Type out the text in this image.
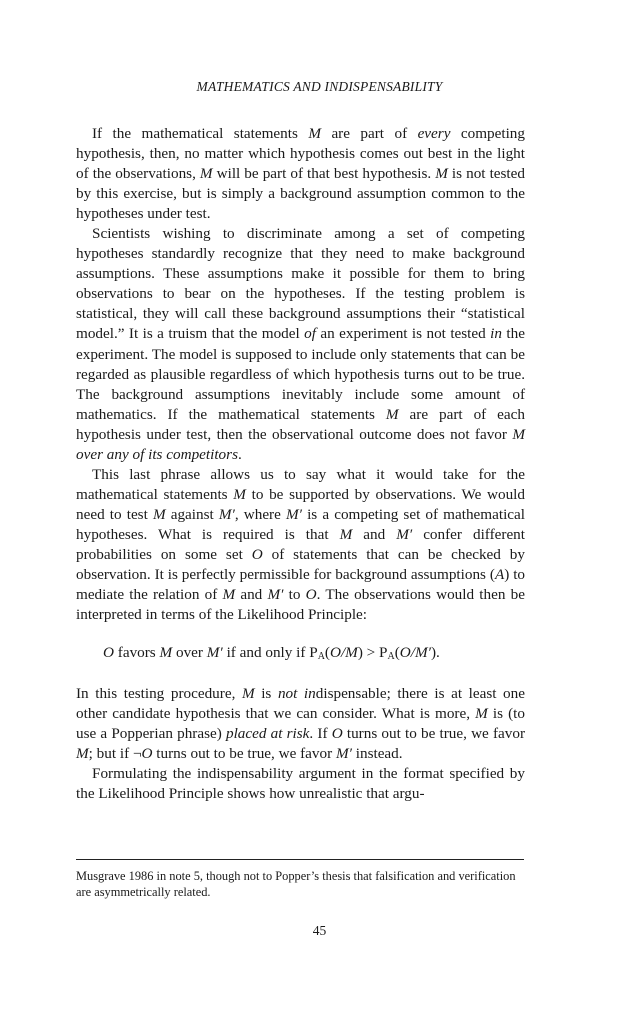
MATHEMATICS AND INDISPENSABILITY

If the mathematical statements M are part of every competing hypothesis, then, no matter which hypothesis comes out best in the light of the observations, M will be part of that best hypothesis. M is not tested by this exercise, but is simply a background assumption common to the hypotheses under test.

Scientists wishing to discriminate among a set of competing hypotheses standardly recognize that they need to make background assumptions. These assumptions make it possible for them to bring observations to bear on the hypotheses. If the testing problem is statistical, they will call these background assumptions their “statistical model.” It is a truism that the model of an experiment is not tested in the experiment. The model is supposed to include only statements that can be regarded as plausible regardless of which hypothesis turns out to be true. The background assumptions inevitably include some amount of mathematics. If the mathematical statements M are part of each hypothesis under test, then the observational outcome does not favor M over any of its competitors.

This last phrase allows us to say what it would take for the mathematical statements M to be supported by observations. We would need to test M against M′, where M′ is a competing set of mathematical hypotheses. What is required is that M and M′ confer different probabilities on some set O of statements that can be checked by observation. It is perfectly permissible for background assumptions (A) to mediate the relation of M and M′ to O. The observations would then be interpreted in terms of the Likelihood Principle:

O favors M over M′ if and only if $P_A(O/M) > P_A(O/M')$.

In this testing procedure, M is not indispensable; there is at least one other candidate hypothesis that we can consider. What is more, M is (to use a Popperian phrase) placed at risk. If O turns out to be true, we favor M; but if ¬O turns out to be true, we favor M′ instead.

Formulating the indispensability argument in the format specified by the Likelihood Principle shows how unrealistic that argu-

Musgrave 1986 in note 5, though not to Popper’s thesis that falsification and verification are asymmetrically related.
45
